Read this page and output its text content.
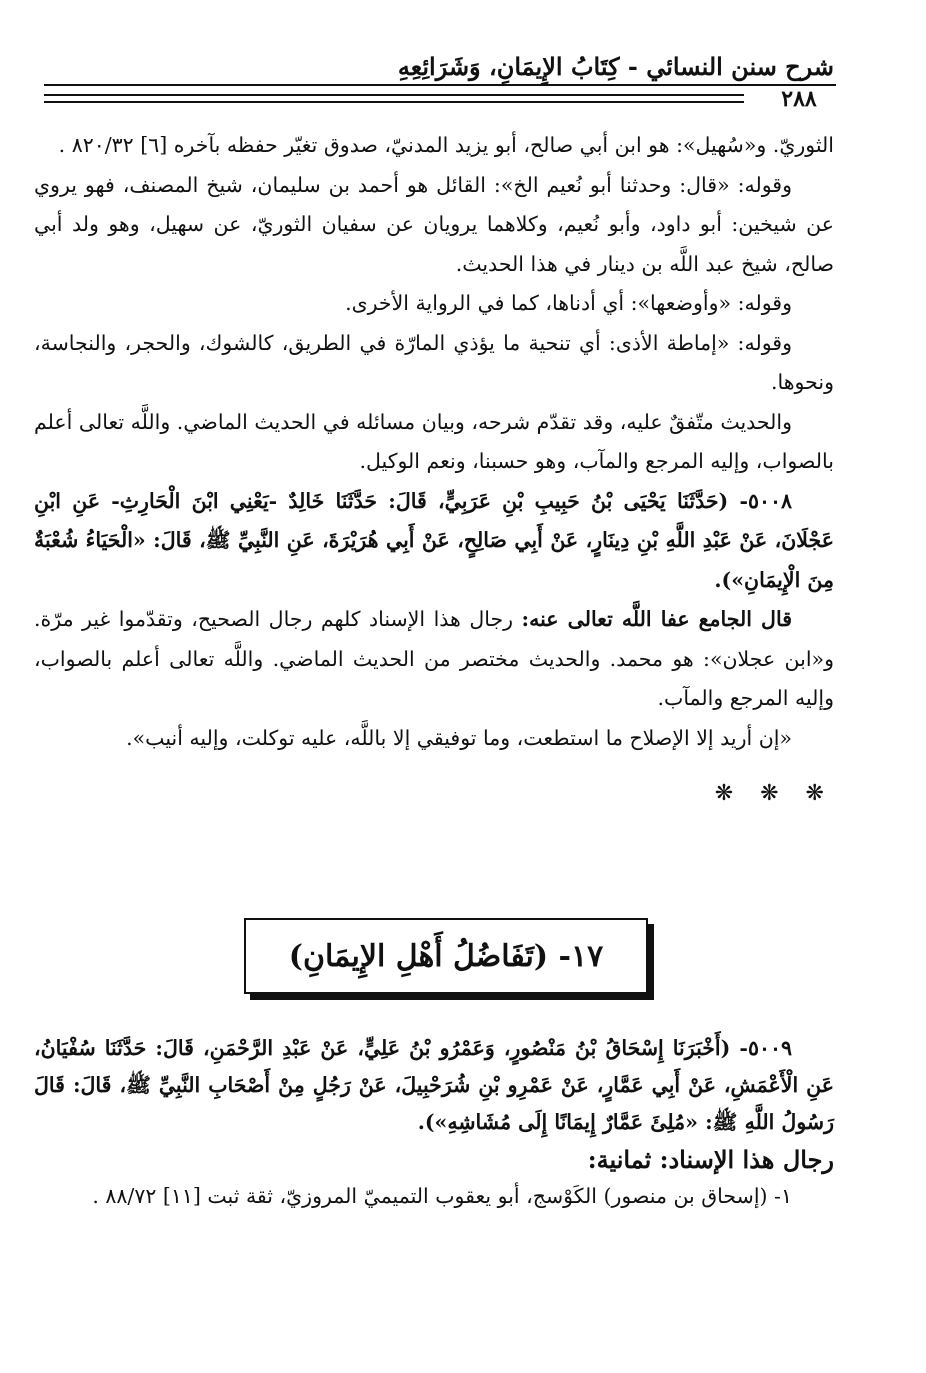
شرح سنن النسائي - كِتَابُ الإِيمَانِ، وَشَرَائِعِهِ
٢٨٨

الثوريّ. و«سُهيل»: هو ابن أبي صالح، أبو يزيد المدنيّ، صدوق تغيّر حفظه بآخره [٦] ٨٢٠/٣٢ .

وقوله: «قال: وحدثنا أبو نُعيم الخ»: القائل هو أحمد بن سليمان، شيخ المصنف، فهو يروي عن شيخين: أبو داود، وأبو نُعيم، وكلاهما يرويان عن سفيان الثوريّ، عن سهيل، وهو ولد أبي صالح، شيخ عبد اللَّه بن دينار في هذا الحديث.

وقوله: «وأوضعها»: أي أدناها، كما في الرواية الأخرى.

وقوله: «إماطة الأذى: أي تنحية ما يؤذي المارّة في الطريق، كالشوك، والحجر، والنجاسة، ونحوها.

والحديث متّفقٌ عليه، وقد تقدّم شرحه، وبيان مسائله في الحديث الماضي. واللَّه تعالى أعلم بالصواب، وإليه المرجع والمآب، وهو حسبنا، ونعم الوكيل.

٥٠٠٨- (حَدَّثَنَا يَحْيَى بْنُ حَبِيبِ بْنِ عَرَبِيٍّ، قَالَ: حَدَّثَنَا خَالِدٌ -يَعْنِي ابْنَ الْحَارِثِ- عَنِ ابْنِ عَجْلَانَ، عَنْ عَبْدِ اللَّهِ بْنِ دِينَارٍ، عَنْ أَبِي صَالِحٍ، عَنْ أَبِي هُرَيْرَةَ، عَنِ النَّبِيِّ ﷺ، قَالَ: «الْحَيَاءُ شُعْبَةٌ مِنَ الْإِيمَانِ»).

قال الجامع عفا اللَّه تعالى عنه: رجال هذا الإسناد كلهم رجال الصحيح، وتقدّموا غير مرّة. و«ابن عجلان»: هو محمد. والحديث مختصر من الحديث الماضي. واللَّه تعالى أعلم بالصواب، وإليه المرجع والمآب.

«إن أريد إلا الإصلاح ما استطعت، وما توفيقي إلا باللَّه، عليه توكلت، وإليه أنيب».

❋ ❋ ❋
١٧- (تَفَاضُلُ أَهْلِ الإِيمَانِ)

٥٠٠٩- (أَخْبَرَنَا إِسْحَاقُ بْنُ مَنْصُورٍ، وَعَمْرُو بْنُ عَلِيٍّ، عَنْ عَبْدِ الرَّحْمَنِ، قَالَ: حَدَّثَنَا سُفْيَانُ، عَنِ الْأَعْمَشِ، عَنْ أَبِي عَمَّارٍ، عَنْ عَمْرِو بْنِ شُرَحْبِيلَ، عَنْ رَجُلٍ مِنْ أَصْحَابِ النَّبِيِّ ﷺ، قَالَ: قَالَ رَسُولُ اللَّهِ ﷺ: «مُلِئَ عَمَّارٌ إِيمَانًا إِلَى مُشَاشِهِ»).

رجال هذا الإسناد: ثمانية:

١- (إسحاق بن منصور) الكَوْسج، أبو يعقوب التميميّ المروزيّ، ثقة ثبت [١١] ٨٨/٧٢ .
